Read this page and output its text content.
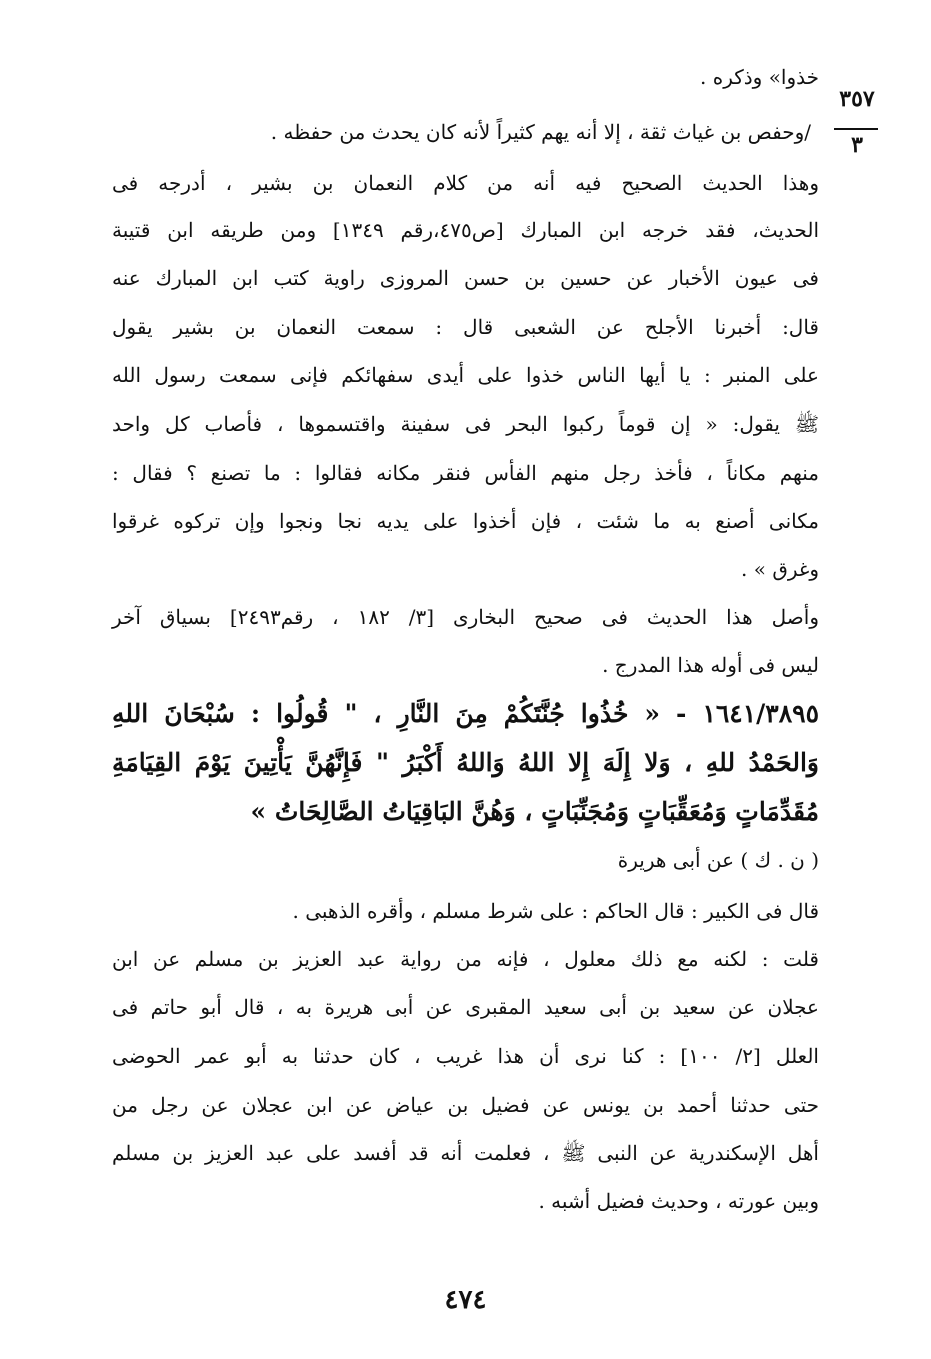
٣٥٧
٣
خذوا» وذكره .
/وحفص بن غياث ثقة ، إلا أنه يهم كثيراً لأنه كان يحدث من حفظه .
وهذا الحديث الصحيح فيه أنه من كلام النعمان بن بشير ، أدرجه فى
الحديث، فقد خرجه ابن المبارك [ص٤٧٥،رقم ١٣٤٩] ومن طريقه ابن قتيبة
فى عيون الأخبار عن حسين بن حسن المروزى راوية كتب ابن المبارك عنه
قال: أخبرنا الأجلح عن الشعبى قال : سمعت النعمان بن بشير يقول
على المنبر : يا أيها الناس خذوا على أيدى سفهائكم فإنى سمعت رسول الله
ﷺ يقول: « إن قوماً ركبوا البحر فى سفينة واقتسموها ، فأصاب كل واحد
منهم مكاناً ، فأخذ رجل منهم الفأس فنقر مكانه فقالوا : ما تصنع ؟ فقال :
مكانى أصنع به ما شئت ، فإن أخذوا على يديه نجا ونجوا وإن تركوه غرقوا
وغرق » .
وأصل هذا الحديث فى صحيح البخارى [٣/ ١٨٢ ، رقم٢٤٩٣] بسياق آخر
ليس فى أوله هذا المدرج .
١٦٤١/٣٨٩٥ - « خُذُوا جُنَّتَكُمْ مِنَ النَّارِ ، " قُولُوا : سُبْحَانَ اللهِ
وَالحَمْدُ للهِ ، وَلا إِلَهَ إِلا اللهُ وَاللهُ أَكْبَرُ " فَإِنَّهُنَّ يَأْتِينَ يَوْمَ القِيَامَةِ
مُقَدِّمَاتٍ وَمُعَقِّبَاتٍ وَمُجَنِّبَاتٍ ، وَهُنَّ البَاقِيَاتُ الصَّالِحَاتُ »
( ن . ك ) عن أبى هريرة
قال فى الكبير : قال الحاكم : على شرط مسلم ، وأقره الذهبى .
قلت : لكنه مع ذلك معلول ، فإنه من رواية عبد العزيز بن مسلم عن ابن
عجلان عن سعيد بن أبى سعيد المقبرى عن أبى هريرة به ، قال أبو حاتم فى
العلل [٢/ ١٠٠] : كنا نرى أن هذا غريب ، كان حدثنا به أبو عمر الحوضى
حتى حدثنا أحمد بن يونس عن فضيل بن عياض عن ابن عجلان عن رجل من
أهل الإسكندرية عن النبى ﷺ ، فعلمت أنه قد أفسد على عبد العزيز بن مسلم
وبين عورته ، وحديث فضيل أشبه .
٤٧٤
